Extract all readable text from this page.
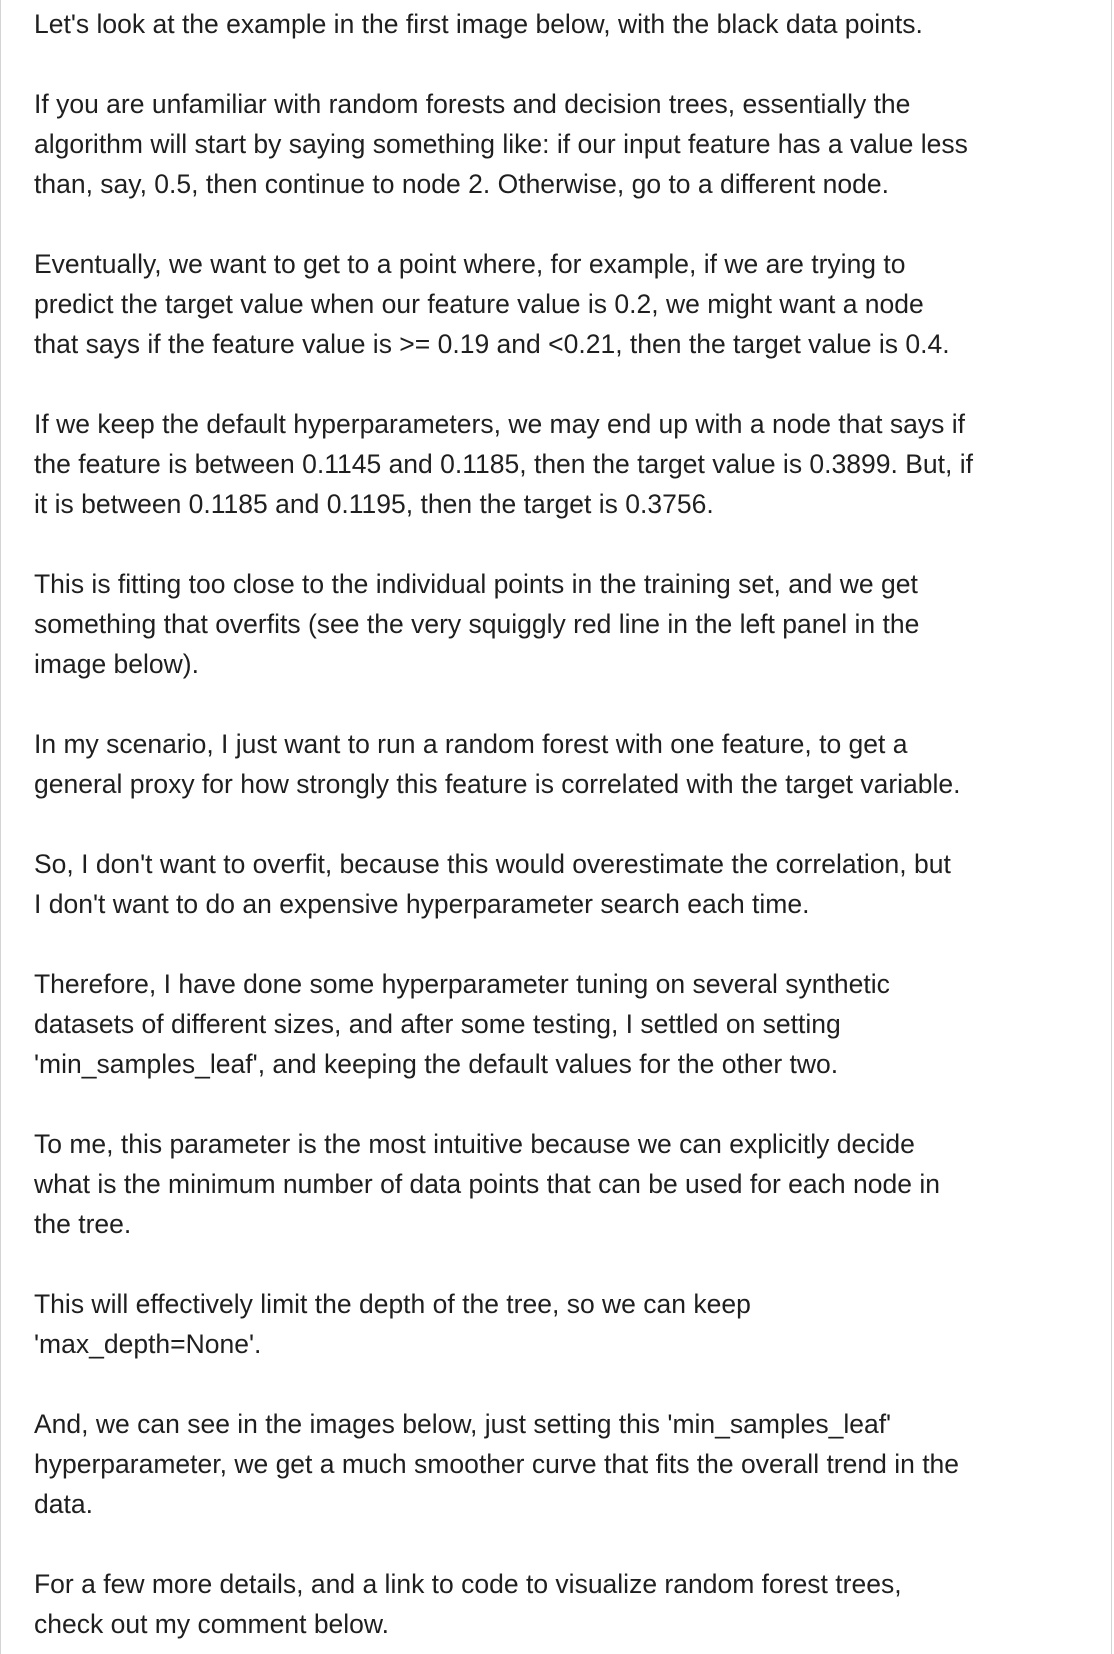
Let's look at the example in the first image below, with the black data points.

If you are unfamiliar with random forests and decision trees, essentially the
algorithm will start by saying something like: if our input feature has a value less
than, say, 0.5, then continue to node 2. Otherwise, go to a different node.

Eventually, we want to get to a point where, for example, if we are trying to
predict the target value when our feature value is 0.2, we might want a node
that says if the feature value is >= 0.19 and <0.21, then the target value is 0.4.

If we keep the default hyperparameters, we may end up with a node that says if
the feature is between 0.1145 and 0.1185, then the target value is 0.3899. But, if
it is between 0.1185 and 0.1195, then the target is 0.3756.

This is fitting too close to the individual points in the training set, and we get
something that overfits (see the very squiggly red line in the left panel in the
image below).

In my scenario, I just want to run a random forest with one feature, to get a
general proxy for how strongly this feature is correlated with the target variable.

So, I don't want to overfit, because this would overestimate the correlation, but
I don't want to do an expensive hyperparameter search each time.

Therefore, I have done some hyperparameter tuning on several synthetic
datasets of different sizes, and after some testing, I settled on setting
'min_samples_leaf', and keeping the default values for the other two.

To me, this parameter is the most intuitive because we can explicitly decide
what is the minimum number of data points that can be used for each node in
the tree.

This will effectively limit the depth of the tree, so we can keep
'max_depth=None'.

And, we can see in the images below, just setting this 'min_samples_leaf'
hyperparameter, we get a much smoother curve that fits the overall trend in the
data.

For a few more details, and a link to code to visualize random forest trees,
check out my comment below.
